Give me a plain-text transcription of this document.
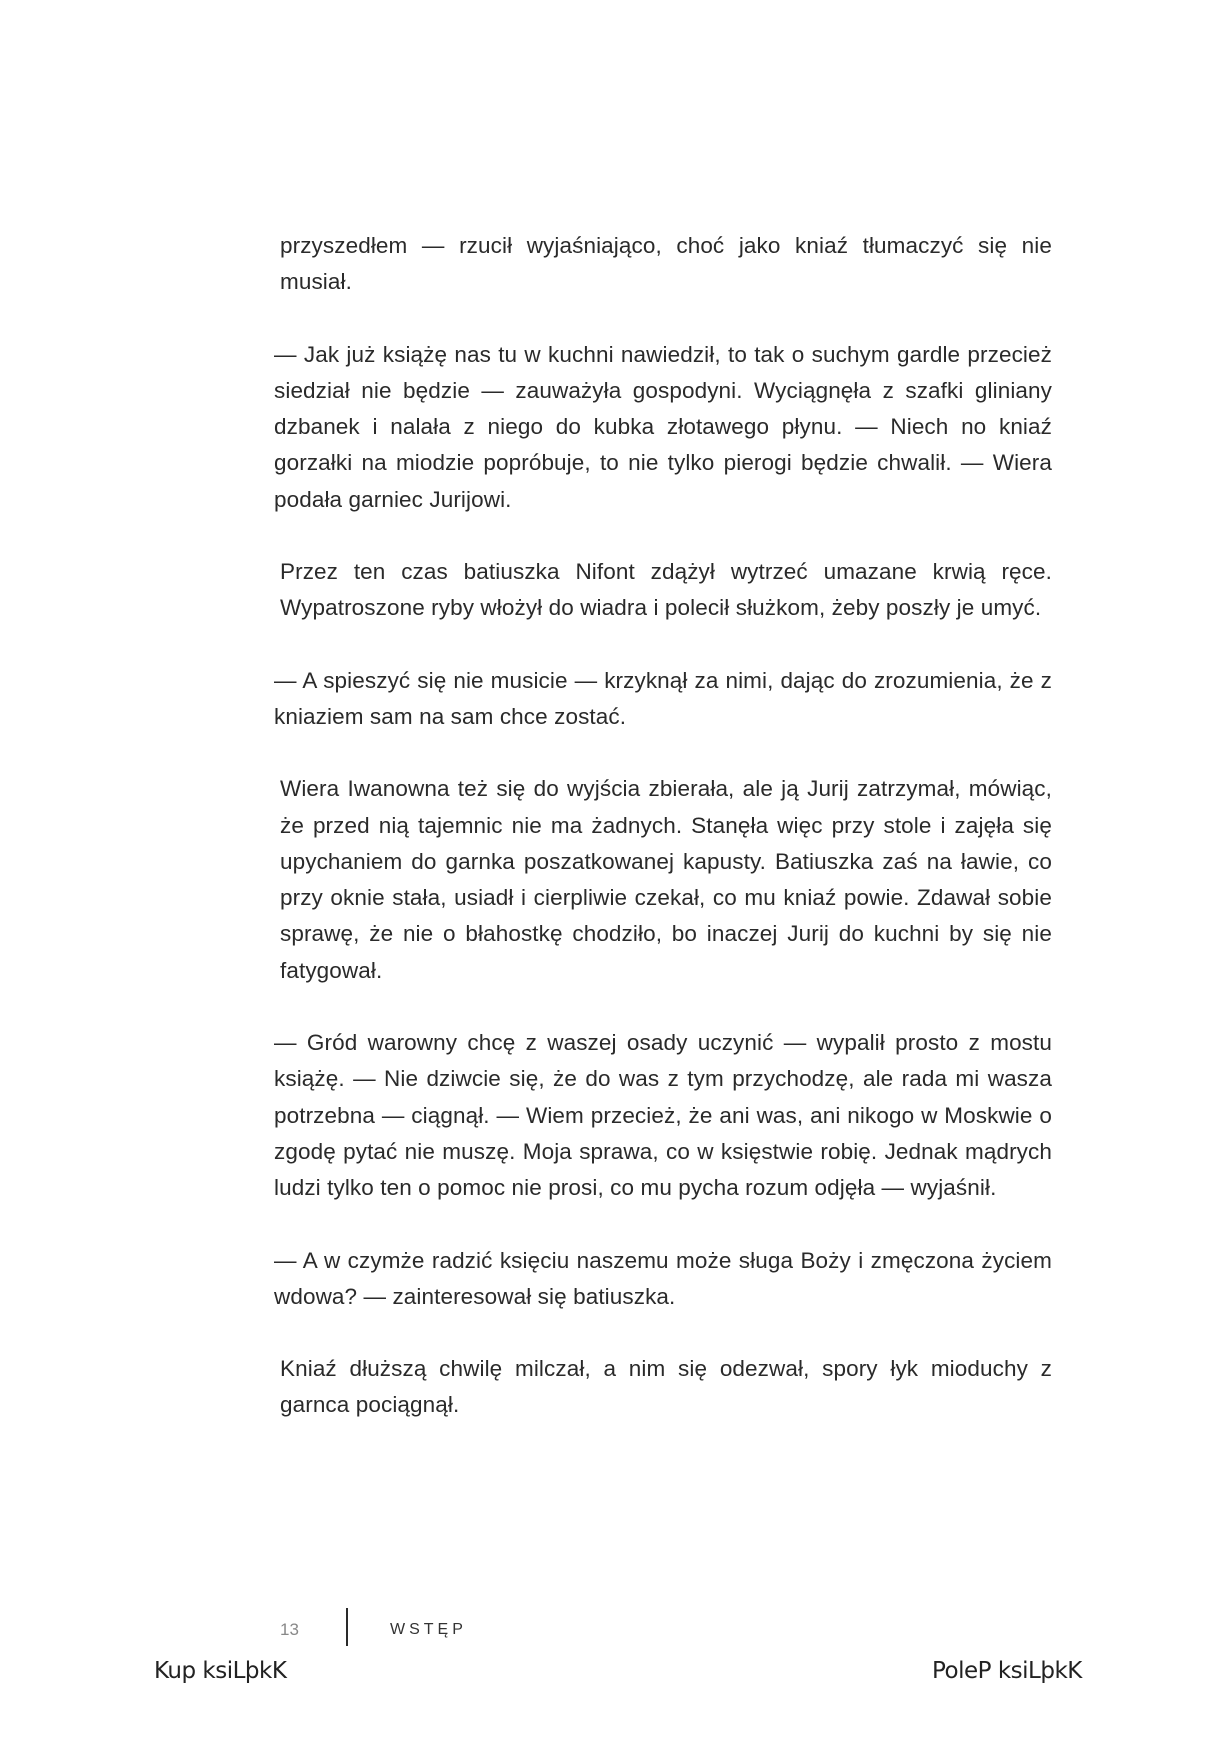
przyszedłem — rzucił wyjaśniająco, choć jako kniaź tłumaczyć się nie musiał.

— Jak już książę nas tu w kuchni nawiedził, to tak o suchym gardle przecież siedział nie będzie — zauważyła gospodyni. Wyciągnęła z szafki gliniany dzbanek i nalała z niego do kubka złotawego płynu. — Niech no kniaź gorzałki na miodzie popróbuje, to nie tylko pierogi będzie chwalił. — Wiera podała garniec Jurijowi.

Przez ten czas batiuszka Nifont zdążył wytrzeć umazane krwią ręce. Wypatroszone ryby włożył do wiadra i polecił służkom, żeby poszły je umyć.

— A spieszyć się nie musicie — krzyknął za nimi, dając do zrozumienia, że z kniaziem sam na sam chce zostać.

Wiera Iwanowna też się do wyjścia zbierała, ale ją Jurij zatrzymał, mówiąc, że przed nią tajemnic nie ma żadnych. Stanęła więc przy stole i zajęła się upychaniem do garnka poszatkowanej kapusty. Batiuszka zaś na ławie, co przy oknie stała, usiadł i cierpliwie czekał, co mu kniaź powie. Zdawał sobie sprawę, że nie o błahostkę chodziło, bo inaczej Jurij do kuchni by się nie fatygował.

— Gród warowny chcę z waszej osady uczynić — wypalił prosto z mostu książę. — Nie dziwcie się, że do was z tym przychodzę, ale rada mi wasza potrzebna — ciągnął. — Wiem przecież, że ani was, ani nikogo w Moskwie o zgodę pytać nie muszę. Moja sprawa, co w księstwie robię. Jednak mądrych ludzi tylko ten o pomoc nie prosi, co mu pycha rozum odjęła — wyjaśnił.

— A w czymże radzić księciu naszemu może sługa Boży i zmęczona życiem wdowa? — zainteresował się batiuszka.

Kniaź dłuższą chwilę milczał, a nim się odezwał, spory łyk mioduchy z garnca pociągnął.

13	WSTĘP
Kup ksiLþkK	PoleP ksiLþkK
